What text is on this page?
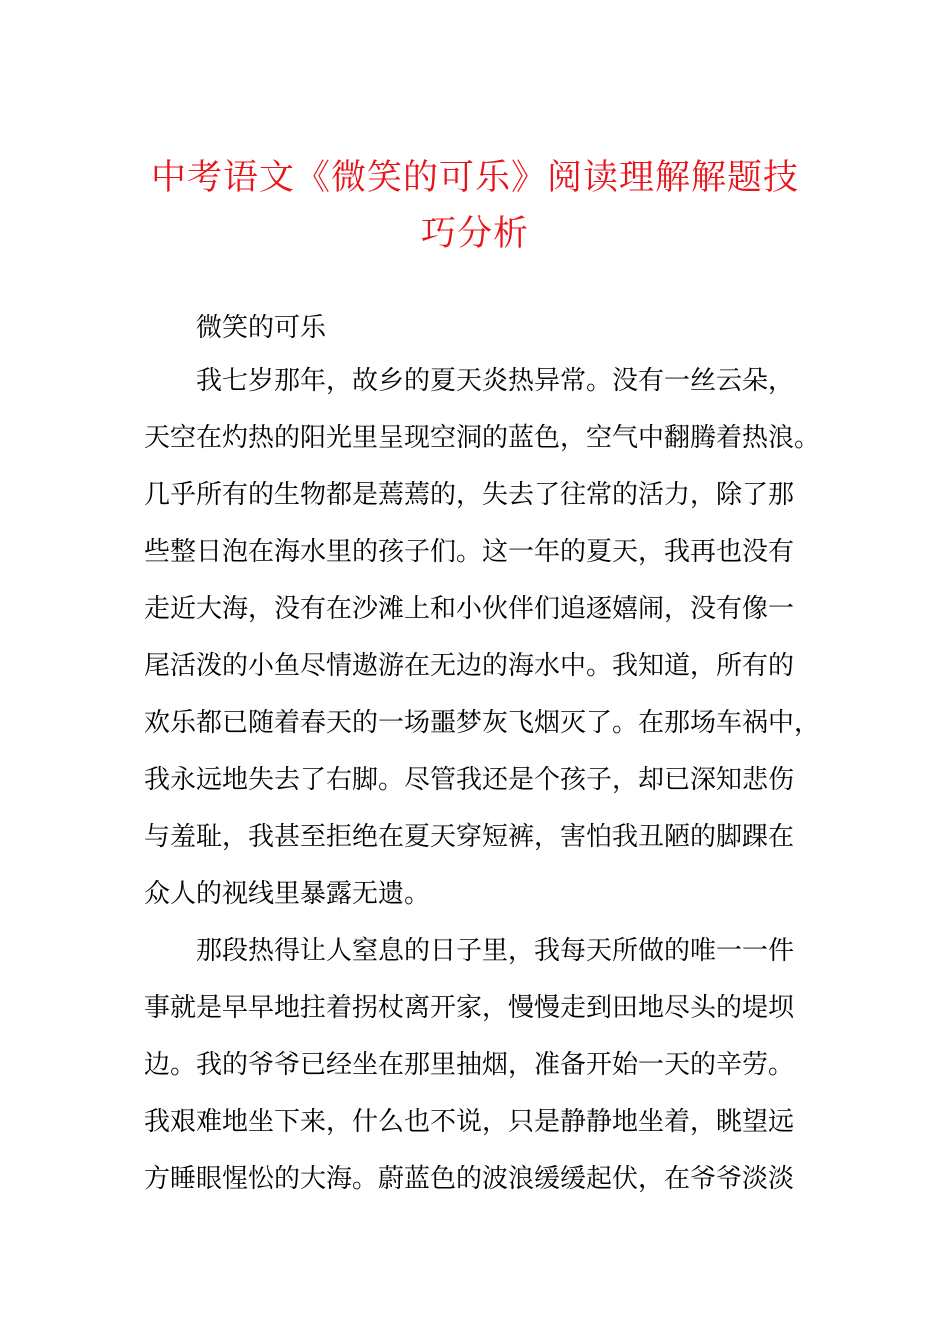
中考语文《微笑的可乐》阅读理解解题技
巧分析
微笑的可乐
我七岁那年，故乡的夏天炎热异常。没有一丝云朵，
天空在灼热的阳光里呈现空洞的蓝色，空气中翻腾着热浪。
几乎所有的生物都是蔫蔫的，失去了往常的活力，除了那
些整日泡在海水里的孩子们。这一年的夏天，我再也没有
走近大海，没有在沙滩上和小伙伴们追逐嬉闹，没有像一
尾活泼的小鱼尽情遨游在无边的海水中。我知道，所有的
欢乐都已随着春天的一场噩梦灰飞烟灭了。在那场车祸中，
我永远地失去了右脚。尽管我还是个孩子，却已深知悲伤
与羞耻，我甚至拒绝在夏天穿短裤，害怕我丑陋的脚踝在
众人的视线里暴露无遗。
那段热得让人窒息的日子里，我每天所做的唯一一件
事就是早早地拄着拐杖离开家，慢慢走到田地尽头的堤坝
边。我的爷爷已经坐在那里抽烟，准备开始一天的辛劳。
我艰难地坐下来，什么也不说，只是静静地坐着，眺望远
方睡眼惺忪的大海。蔚蓝色的波浪缓缓起伏，在爷爷淡淡
